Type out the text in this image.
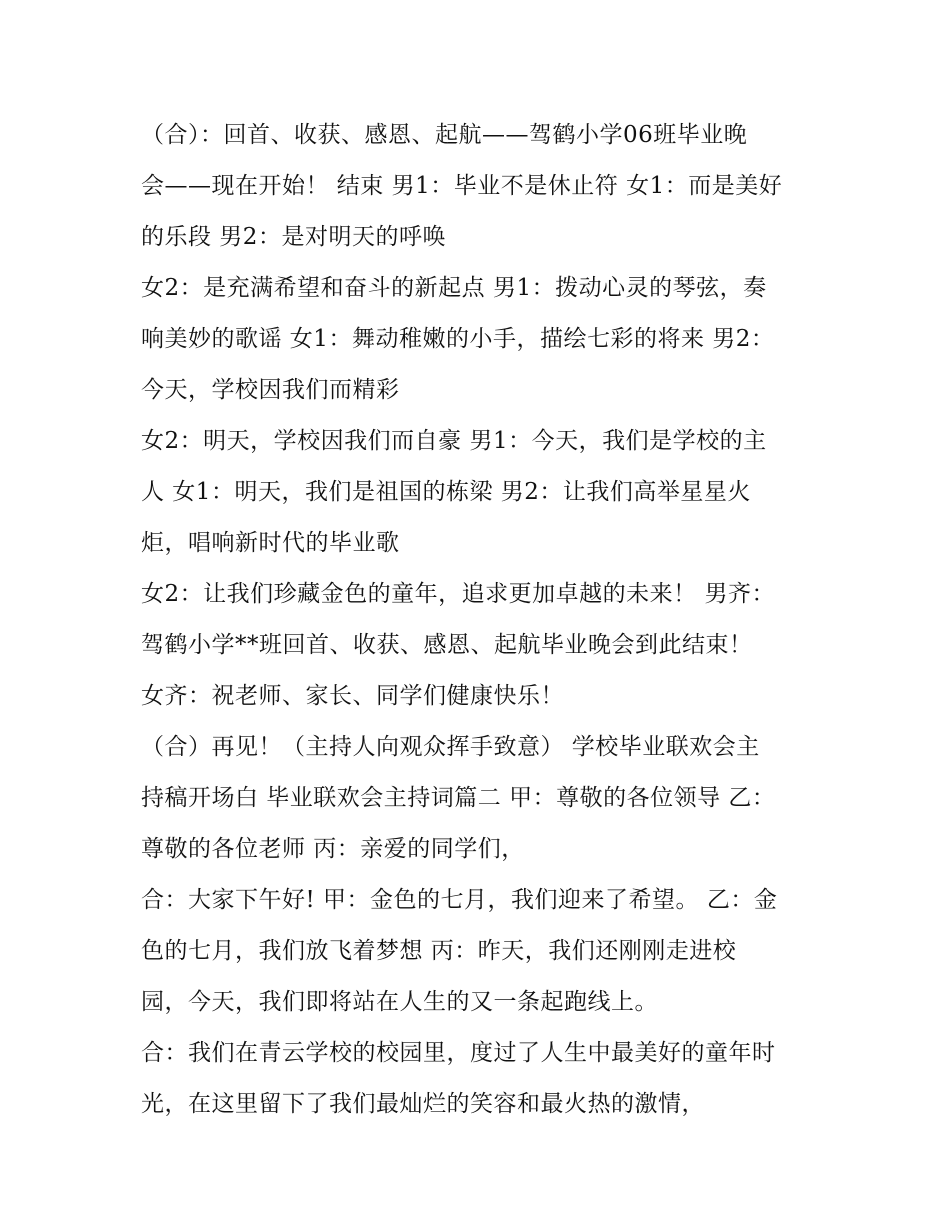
（合）：回首、收获、感恩、起航——驾鹤小学06班毕业晚
会——现在开始！ 结束 男1：毕业不是休止符 女1：而是美好
的乐段 男2：是对明天的呼唤
女2：是充满希望和奋斗的新起点 男1：拨动心灵的琴弦，奏
响美妙的歌谣 女1：舞动稚嫩的小手，描绘七彩的将来 男2：
今天，学校因我们而精彩
女2：明天，学校因我们而自豪 男1：今天，我们是学校的主
人 女1：明天，我们是祖国的栋梁 男2：让我们高举星星火
炬，唱响新时代的毕业歌
女2：让我们珍藏金色的童年，追求更加卓越的未来！ 男齐：
驾鹤小学**班回首、收获、感恩、起航毕业晚会到此结束！
女齐：祝老师、家长、同学们健康快乐！
（合）再见！（主持人向观众挥手致意） 学校毕业联欢会主
持稿开场白 毕业联欢会主持词篇二 甲：尊敬的各位领导 乙：
尊敬的各位老师 丙：亲爱的同学们，
合：大家下午好! 甲：金色的七月，我们迎来了希望。 乙：金
色的七月，我们放飞着梦想 丙：昨天，我们还刚刚走进校
园，今天，我们即将站在人生的又一条起跑线上。
合：我们在青云学校的校园里，度过了人生中最美好的童年时
光，在这里留下了我们最灿烂的笑容和最火热的激情，
